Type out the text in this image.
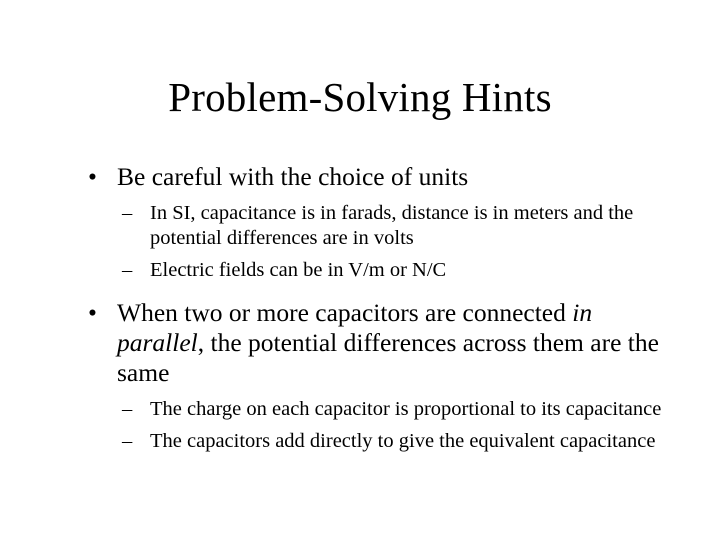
Problem-Solving Hints
• Be careful with the choice of units
– In SI, capacitance is in farads, distance is in meters and the potential differences are in volts
– Electric fields can be in V/m or N/C
• When two or more capacitors are connected in parallel, the potential differences across them are the same
– The charge on each capacitor is proportional to its capacitance
– The capacitors add directly to give the equivalent capacitance
